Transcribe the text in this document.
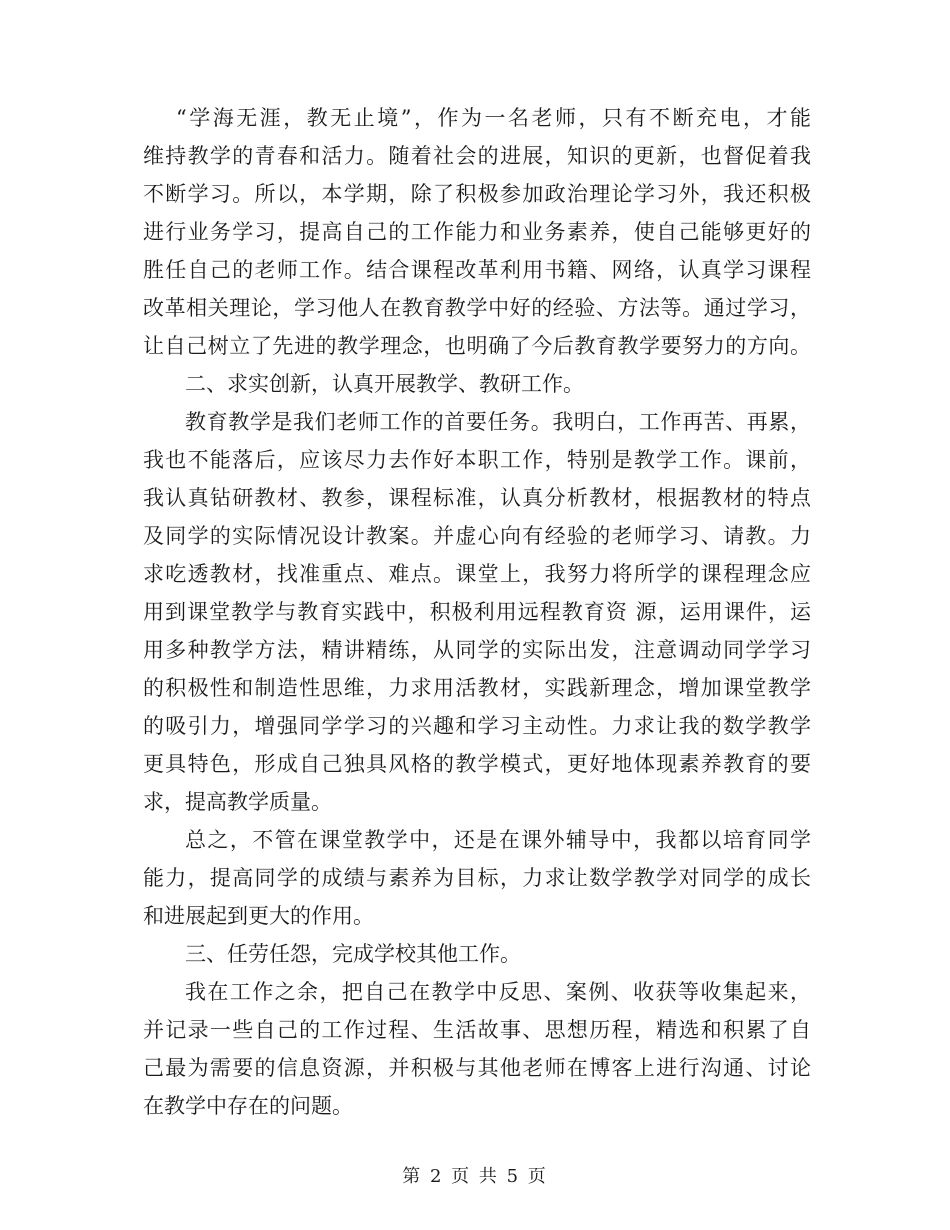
“学海无涯，教无止境”，作为一名老师，只有不断充电，才能
维持教学的青春和活力。随着社会的进展，知识的更新，也督促着我
不断学习。所以，本学期，除了积极参加政治理论学习外，我还积极
进行业务学习，提高自己的工作能力和业务素养，使自己能够更好的
胜任自己的老师工作。结合课程改革利用书籍、网络，认真学习课程
改革相关理论，学习他人在教育教学中好的经验、方法等。通过学习，
让自己树立了先进的教学理念，也明确了今后教育教学要努力的方向。
二、求实创新，认真开展教学、教研工作。
教育教学是我们老师工作的首要任务。我明白，工作再苦、再累，
我也不能落后，应该尽力去作好本职工作，特别是教学工作。课前，
我认真钻研教材、教参，课程标准，认真分析教材，根据教材的特点
及同学的实际情况设计教案。并虚心向有经验的老师学习、请教。力
求吃透教材，找准重点、难点。课堂上，我努力将所学的课程理念应
用到课堂教学与教育实践中，积极利用远程教育资 源，运用课件，运
用多种教学方法，精讲精练，从同学的实际出发，注意调动同学学习
的积极性和制造性思维，力求用活教材，实践新理念，增加课堂教学
的吸引力，增强同学学习的兴趣和学习主动性。力求让我的数学教学
更具特色，形成自己独具风格的教学模式，更好地体现素养教育的要
求，提高教学质量。
总之，不管在课堂教学中，还是在课外辅导中，我都以培育同学
能力，提高同学的成绩与素养为目标，力求让数学教学对同学的成长
和进展起到更大的作用。
三、任劳任怨，完成学校其他工作。
我在工作之余，把自己在教学中反思、案例、收获等收集起来，
并记录一些自己的工作过程、生活故事、思想历程，精选和积累了自
己最为需要的信息资源，并积极与其他老师在博客上进行沟通、讨论
在教学中存在的问题。
第 2 页 共 5 页
